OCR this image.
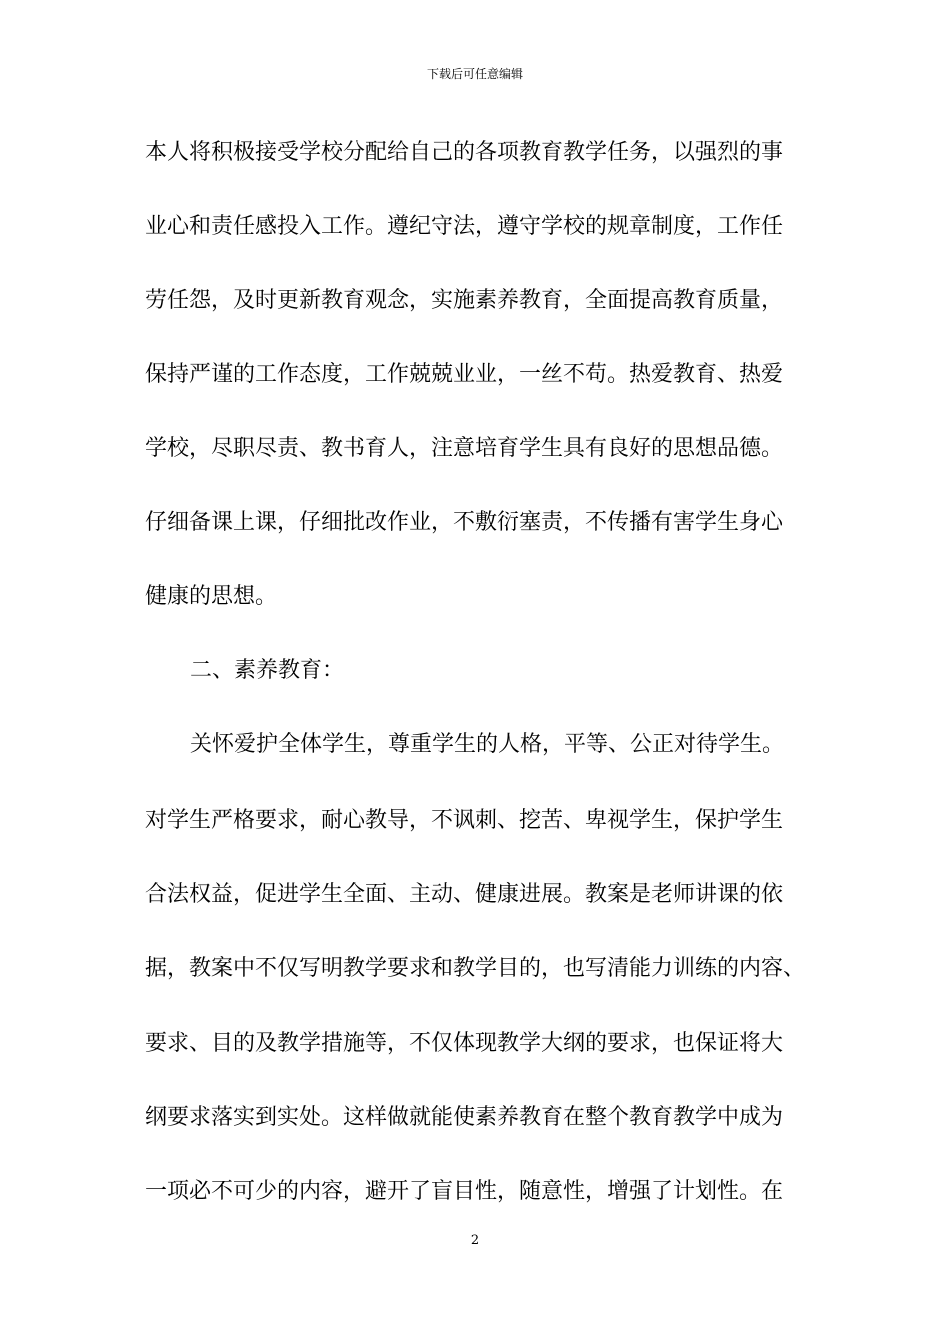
下载后可任意编辑
本人将积极接受学校分配给自己的各项教育教学任务，以强烈的事
业心和责任感投入工作。遵纪守法，遵守学校的规章制度，工作任
劳任怨，及时更新教育观念，实施素养教育，全面提高教育质量，
保持严谨的工作态度，工作兢兢业业，一丝不苟。热爱教育、热爱
学校，尽职尽责、教书育人，注意培育学生具有良好的思想品德。
仔细备课上课，仔细批改作业，不敷衍塞责，不传播有害学生身心
健康的思想。
二、素养教育：
关怀爱护全体学生，尊重学生的人格，平等、公正对待学生。
对学生严格要求，耐心教导，不讽刺、挖苦、卑视学生，保护学生
合法权益，促进学生全面、主动、健康进展。教案是老师讲课的依
据，教案中不仅写明教学要求和教学目的，也写清能力训练的内容、
要求、目的及教学措施等，不仅体现教学大纲的要求，也保证将大
纲要求落实到实处。这样做就能使素养教育在整个教育教学中成为
一项必不可少的内容，避开了盲目性，随意性，增强了计划性。在
2
